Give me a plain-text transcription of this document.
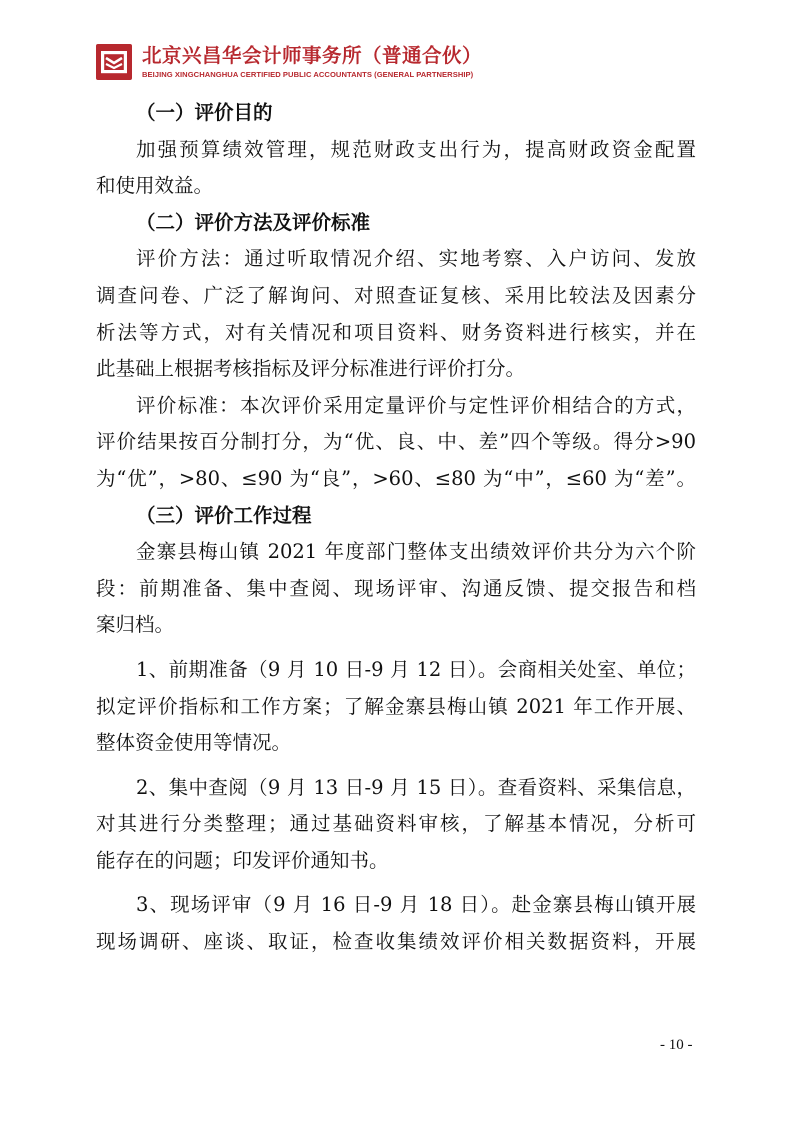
北京兴昌华会计师事务所（普通合伙）
BEIJING XINGCHANGHUA CERTIFIED PUBLIC ACCOUNTANTS (GENERAL PARTNERSHIP)
（一）评价目的
加强预算绩效管理，规范财政支出行为，提高财政资金配置
和使用效益。
（二）评价方法及评价标准
评价方法：通过听取情况介绍、实地考察、入户访问、发放
调查问卷、广泛了解询问、对照查证复核、采用比较法及因素分
析法等方式，对有关情况和项目资料、财务资料进行核实，并在
此基础上根据考核指标及评分标准进行评价打分。
评价标准：本次评价采用定量评价与定性评价相结合的方式，
评价结果按百分制打分，为“优、良、中、差”四个等级。得分>90
为“优”，>80、≤90 为“良”，>60、≤80 为“中”，≤60 为“差”。
（三）评价工作过程
金寨县梅山镇 2021 年度部门整体支出绩效评价共分为六个阶
段：前期准备、集中查阅、现场评审、沟通反馈、提交报告和档
案归档。
1、前期准备（9 月 10 日-9 月 12 日）。会商相关处室、单位；
拟定评价指标和工作方案；了解金寨县梅山镇 2021 年工作开展、
整体资金使用等情况。
2、集中查阅（9 月 13 日-9 月 15 日）。查看资料、采集信息，
对其进行分类整理；通过基础资料审核，了解基本情况，分析可
能存在的问题；印发评价通知书。
3、现场评审（9 月 16 日-9 月 18 日）。赴金寨县梅山镇开展
现场调研、座谈、取证，检查收集绩效评价相关数据资料，开展
- 10 -
